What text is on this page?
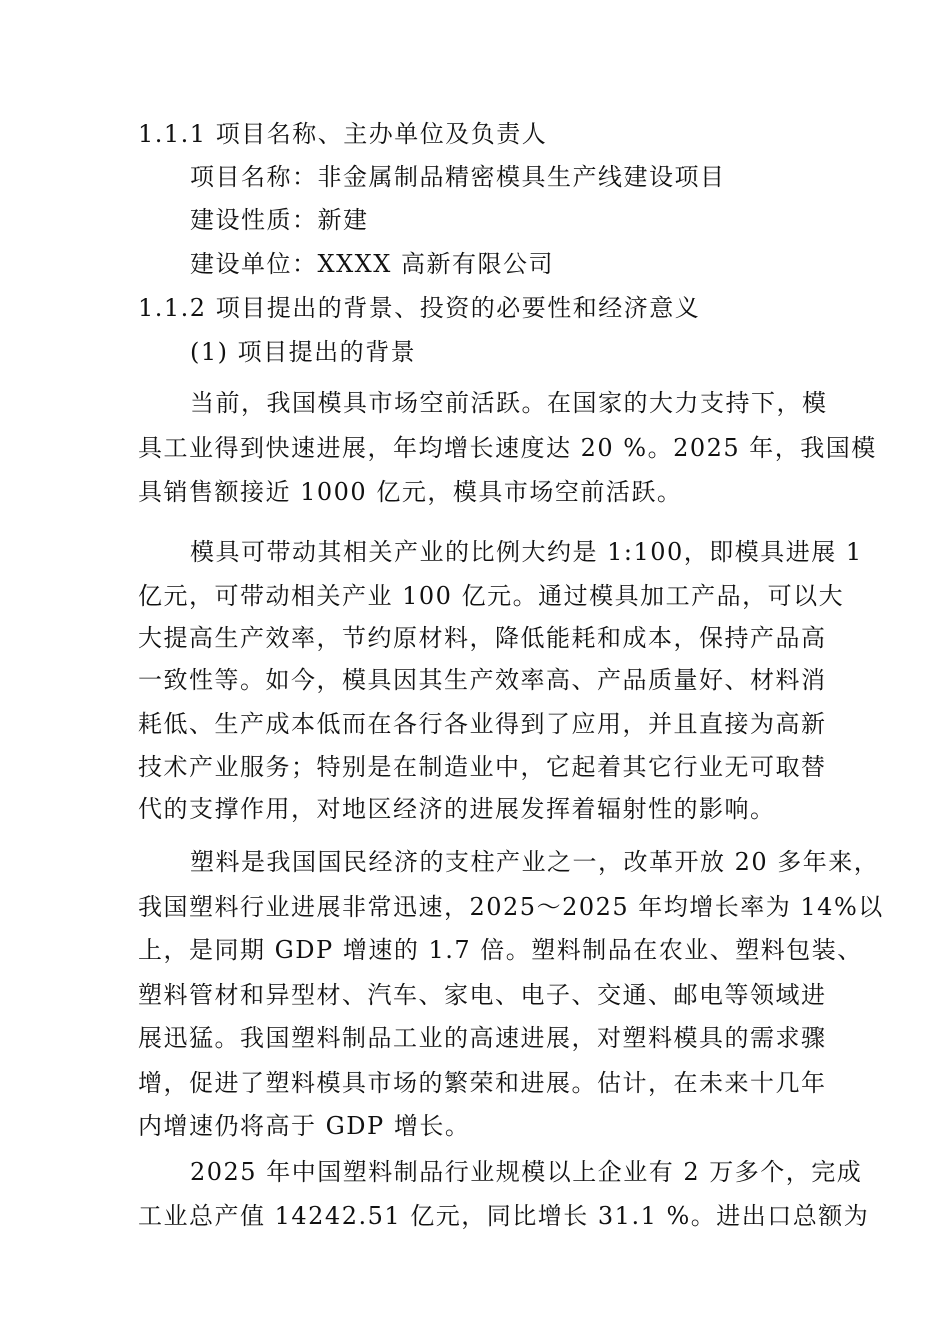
1.1.1 项目名称、主办单位及负责人
项目名称：非金属制品精密模具生产线建设项目
建设性质：新建
建设单位：XXXX 高新有限公司
1.1.2 项目提出的背景、投资的必要性和经济意义
(1) 项目提出的背景
当前，我国模具市场空前活跃。在国家的大力支持下，模
具工业得到快速进展，年均增长速度达 20 %。2025 年，我国模
具销售额接近 1000 亿元，模具市场空前活跃。
模具可带动其相关产业的比例大约是 1:100，即模具进展 1
亿元，可带动相关产业 100 亿元。通过模具加工产品，可以大
大提高生产效率，节约原材料，降低能耗和成本，保持产品高
一致性等。如今，模具因其生产效率高、产品质量好、材料消
耗低、生产成本低而在各行各业得到了应用，并且直接为高新
技术产业服务；特别是在制造业中，它起着其它行业无可取替
代的支撑作用，对地区经济的进展发挥着辐射性的影响。
塑料是我国国民经济的支柱产业之一，改革开放 20 多年来，
我国塑料行业进展非常迅速，2025～2025 年均增长率为 14%以
上，是同期 GDP 增速的 1.7 倍。塑料制品在农业、塑料包装、
塑料管材和异型材、汽车、家电、电子、交通、邮电等领域进
展迅猛。我国塑料制品工业的高速进展，对塑料模具的需求骤
增，促进了塑料模具市场的繁荣和进展。估计，在未来十几年
内增速仍将高于 GDP 增长。
2025 年中国塑料制品行业规模以上企业有 2 万多个，完成
工业总产值 14242.51 亿元，同比增长 31.1 %。进出口总额为
